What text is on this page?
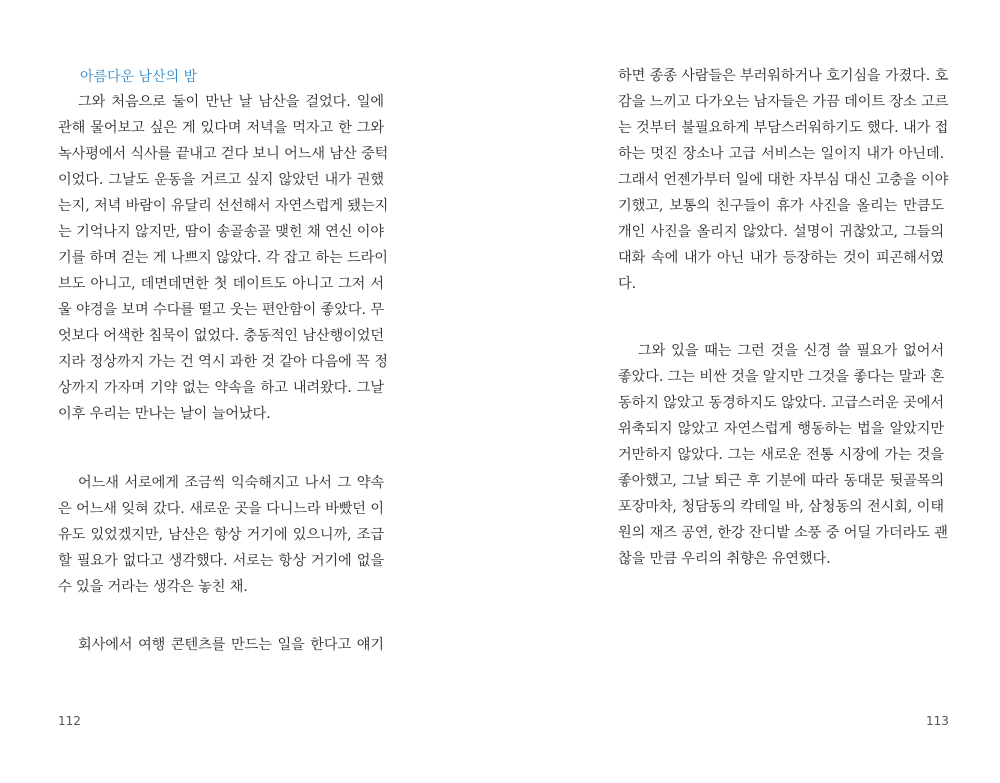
아름다운 남산의 밤
그와 처음으로 둘이 만난 날 남산을 걸었다. 일에
관해 물어보고 싶은 게 있다며 저녁을 먹자고 한 그와
녹사평에서 식사를 끝내고 걷다 보니 어느새 남산 중턱
이었다. 그날도 운동을 거르고 싶지 않았던 내가 권했
는지, 저녁 바람이 유달리 선선해서 자연스럽게 됐는지
는 기억나지 않지만, 땀이 송골송골 맺힌 채 연신 이야
기를 하며 걷는 게 나쁘지 않았다. 각 잡고 하는 드라이
브도 아니고, 데면데면한 첫 데이트도 아니고 그저 서
울 야경을 보며 수다를 떨고 웃는 편안함이 좋았다. 무
엇보다 어색한 침묵이 없었다. 충동적인 남산행이었던
지라 정상까지 가는 건 역시 과한 것 같아 다음에 꼭 정
상까지 가자며 기약 없는 약속을 하고 내려왔다. 그날
이후 우리는 만나는 날이 늘어났다.
어느새 서로에게 조금씩 익숙해지고 나서 그 약속
은 어느새 잊혀 갔다. 새로운 곳을 다니느라 바빴던 이
유도 있었겠지만, 남산은 항상 거기에 있으니까, 조급
할 필요가 없다고 생각했다. 서로는 항상 거기에 없을
수 있을 거라는 생각은 놓친 채.
회사에서 여행 콘텐츠를 만드는 일을 한다고 얘기
112
하면 종종 사람들은 부러워하거나 호기심을 가졌다. 호
감을 느끼고 다가오는 남자들은 가끔 데이트 장소 고르
는 것부터 불필요하게 부담스러워하기도 했다. 내가 접
하는 멋진 장소나 고급 서비스는 일이지 내가 아닌데.
그래서 언젠가부터 일에 대한 자부심 대신 고충을 이야
기했고, 보통의 친구들이 휴가 사진을 올리는 만큼도
개인 사진을 올리지 않았다. 설명이 귀찮았고, 그들의
대화 속에 내가 아닌 내가 등장하는 것이 피곤해서였
다.
그와 있을 때는 그런 것을 신경 쓸 필요가 없어서
좋았다. 그는 비싼 것을 알지만 그것을 좋다는 말과 혼
동하지 않았고 동경하지도 않았다. 고급스러운 곳에서
위축되지 않았고 자연스럽게 행동하는 법을 알았지만
거만하지 않았다. 그는 새로운 전통 시장에 가는 것을
좋아했고, 그날 퇴근 후 기분에 따라 동대문 뒷골목의
포장마차, 청담동의 칵테일 바, 삼청동의 전시회, 이태
원의 재즈 공연, 한강 잔디밭 소풍 중 어딜 가더라도 괜
찮을 만큼 우리의 취향은 유연했다.
113
